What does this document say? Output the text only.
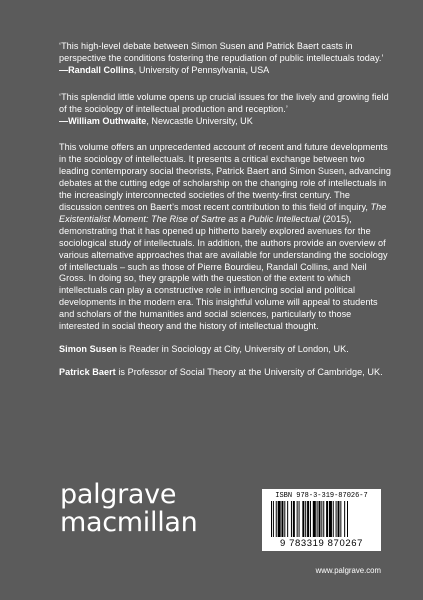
‘This high-level debate between Simon Susen and Patrick Baert casts in perspective the conditions fostering the repudiation of public intellectuals today.’

—Randall Collins, University of Pennsylvania, USA

‘This splendid little volume opens up crucial issues for the lively and growing field of the sociology of intellectual production and reception.’

—William Outhwaite, Newcastle University, UK

This volume offers an unprecedented account of recent and future developments in the sociology of intellectuals. It presents a critical exchange between two leading contemporary social theorists, Patrick Baert and Simon Susen, advancing debates at the cutting edge of scholarship on the changing role of intellectuals in the increasingly interconnected societies of the twenty-first century. The discussion centres on Baert’s most recent contribution to this field of inquiry, The Existentialist Moment: The Rise of Sartre as a Public Intellectual (2015), demonstrating that it has opened up hitherto barely explored avenues for the sociological study of intellectuals. In addition, the authors provide an overview of various alternative approaches that are available for understanding the sociology of intellectuals – such as those of Pierre Bourdieu, Randall Collins, and Neil Gross. In doing so, they grapple with the question of the extent to which intellectuals can play a constructive role in influencing social and political developments in the modern era. This insightful volume will appeal to students and scholars of the humanities and social sciences, particularly to those interested in social theory and the history of intellectual thought.

Simon Susen is Reader in Sociology at City, University of London, UK.

Patrick Baert is Professor of Social Theory at the University of Cambridge, UK.

palgrave
macmillan
ISBN 978-3-319-87026-7
9 783319 870267
www.palgrave.com
